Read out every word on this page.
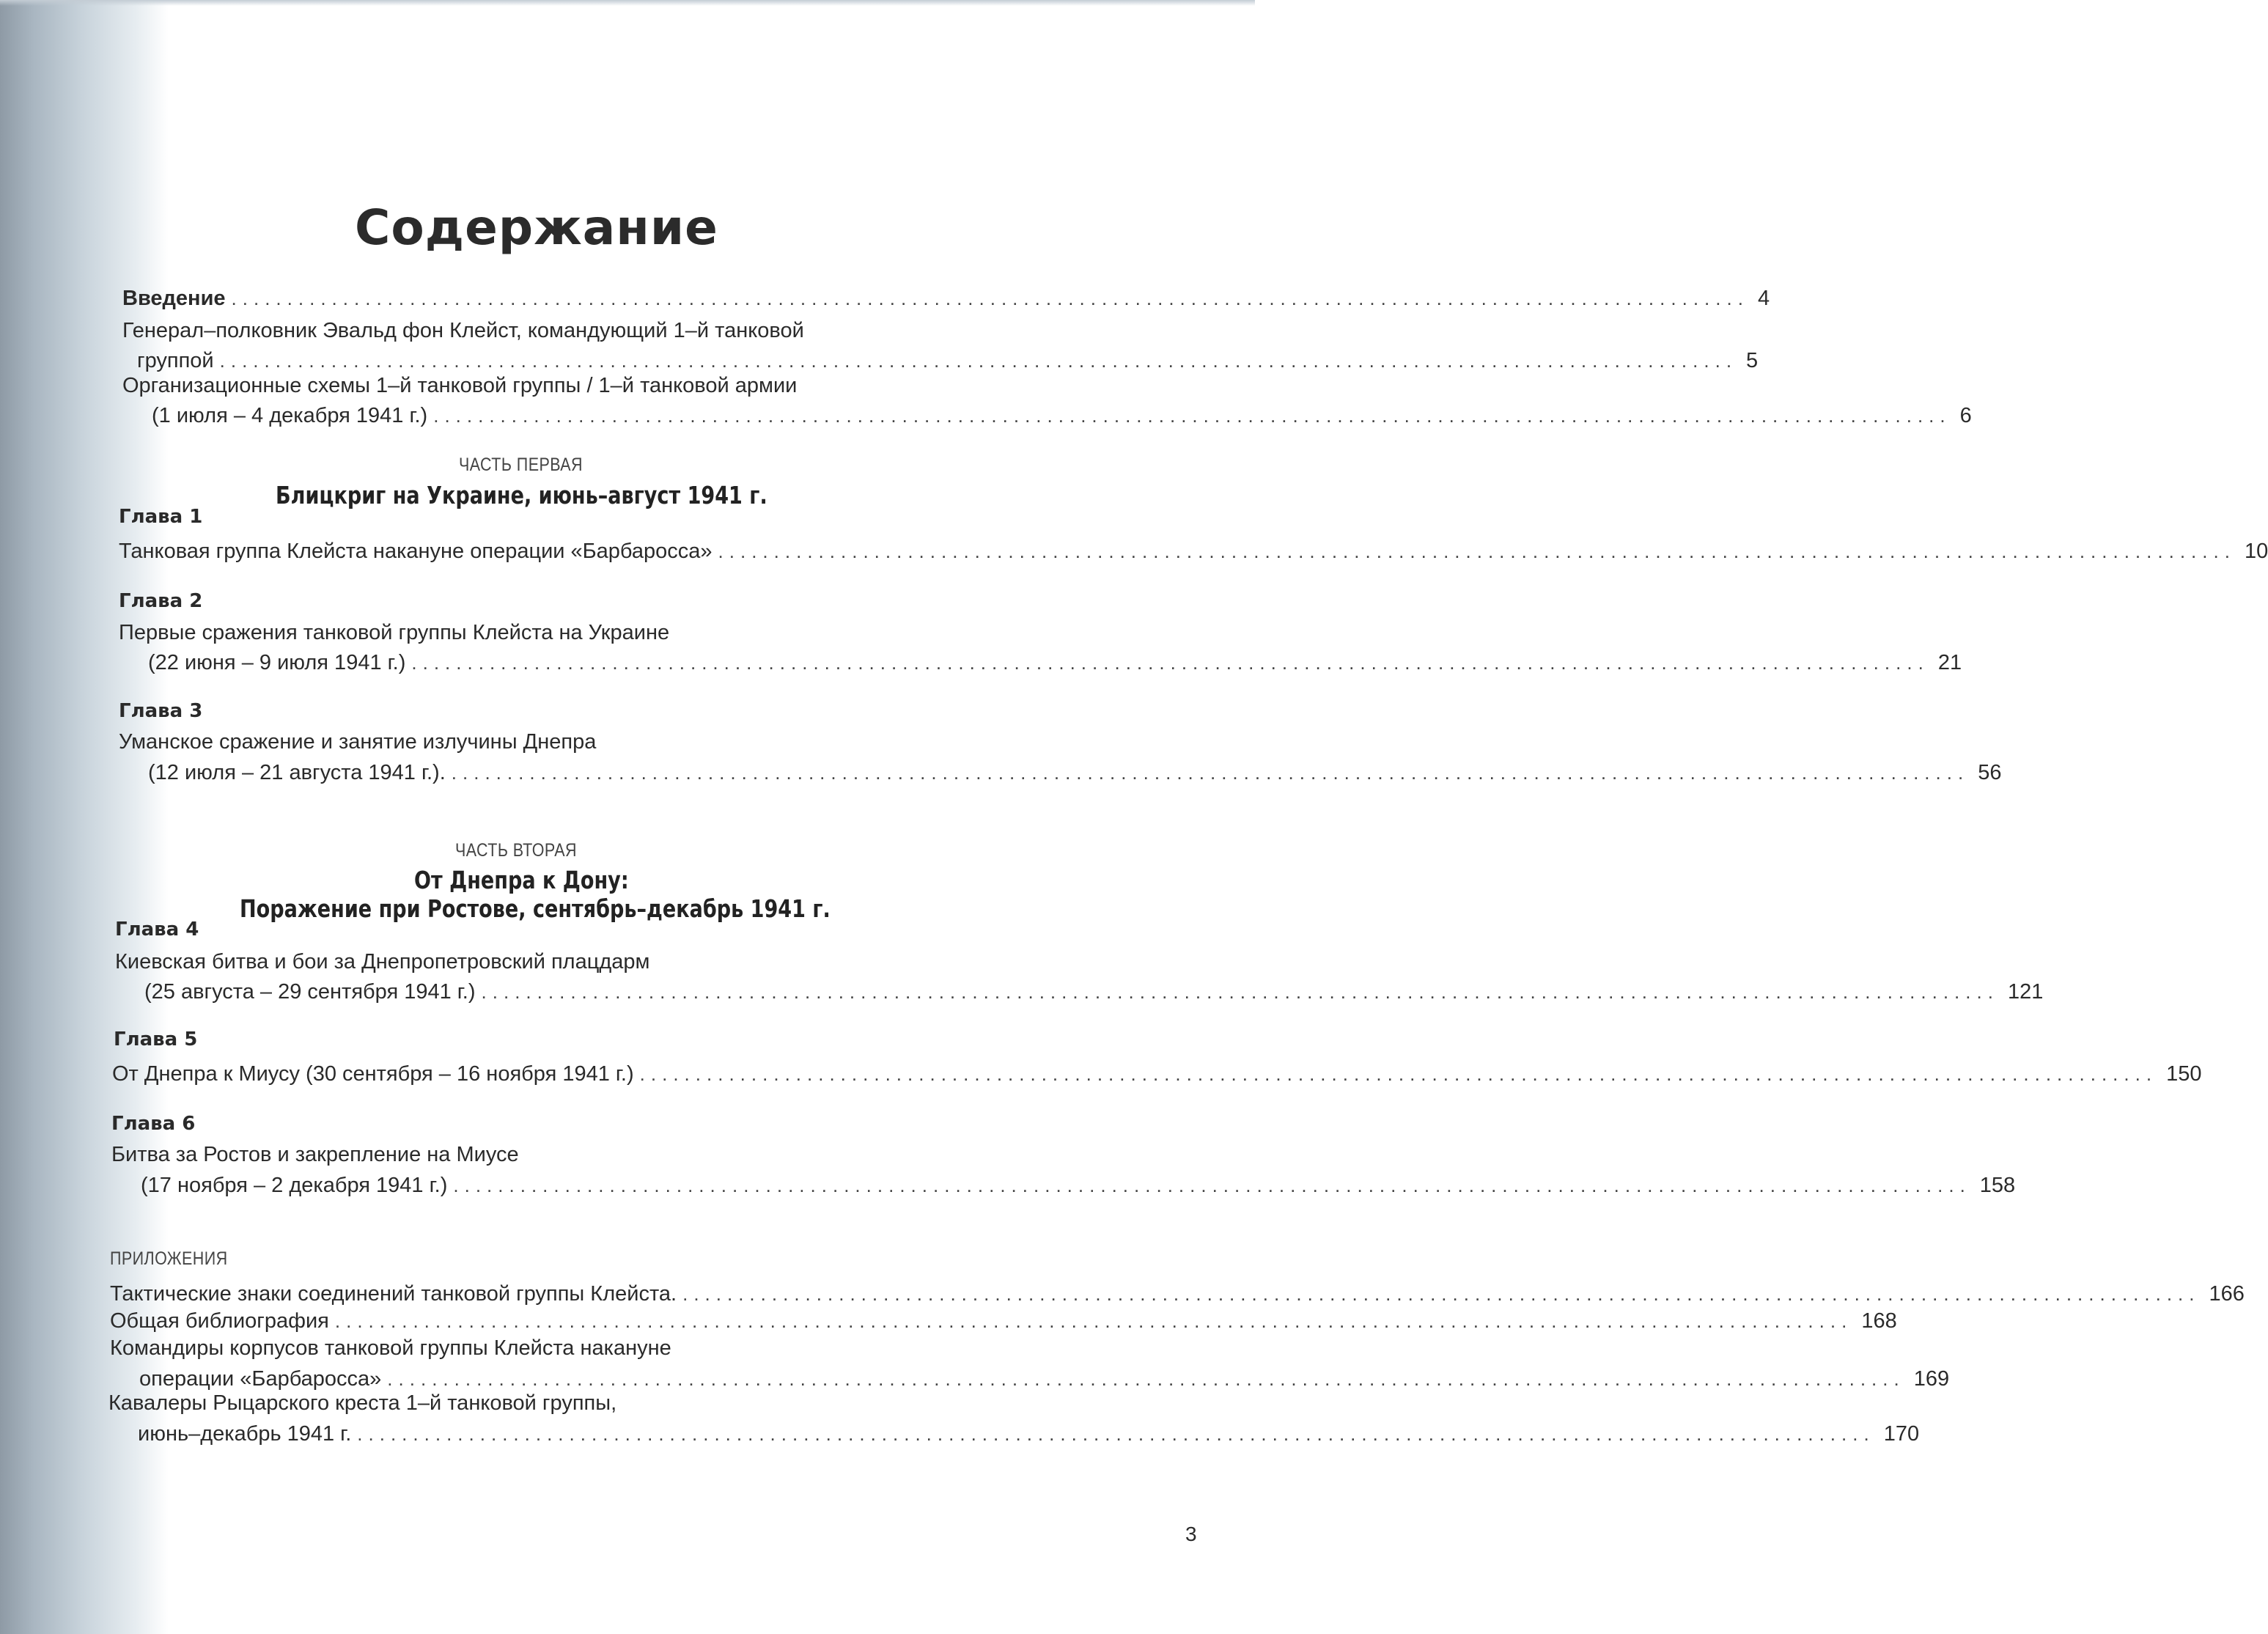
Содержание
Введение ........................................................................................................................................ 4
Генерал–полковник Эвальд фон Клейст, командующий 1–й танковой
группой ........................................................................................................................................ 5
Организационные схемы 1–й танковой группы / 1–й танковой армии
(1 июля – 4 декабря 1941 г.) ........................................................................................................................................ 6
ЧАСТЬ ПЕРВАЯ
Блицкриг на Украине, июнь–август 1941 г.
Глава 1
Танковая группа Клейста накануне операции «Барбаросса» ........................................................................................................................................ 10
Глава 2
Первые сражения танковой группы Клейста на Украине
(22 июня – 9 июля 1941 г.) ........................................................................................................................................ 21
Глава 3
Уманское сражение и занятие излучины Днепра
(12 июля – 21 августа 1941 г.). ........................................................................................................................................ 56
ЧАСТЬ ВТОРАЯ
От Днепра к Дону:
Поражение при Ростове, сентябрь–декабрь 1941 г.
Глава 4
Киевская битва и бои за Днепропетровский плацдарм
(25 августа – 29 сентября 1941 г.) ........................................................................................................................................ 121
Глава 5
От Днепра к Миусу (30 сентября – 16 ноября 1941 г.) ........................................................................................................................................ 150
Глава 6
Битва за Ростов и закрепление на Миусе
(17 ноября – 2 декабря 1941 г.) ........................................................................................................................................ 158
ПРИЛОЖЕНИЯ
Тактические знаки соединений танковой группы Клейста. ........................................................................................................................................ 166
Общая библиография ........................................................................................................................................ 168
Командиры корпусов танковой группы Клейста накануне
операции «Барбаросса» ........................................................................................................................................ 169
Кавалеры Рыцарского креста 1–й танковой группы,
июнь–декабрь 1941 г. ........................................................................................................................................ 170
3
